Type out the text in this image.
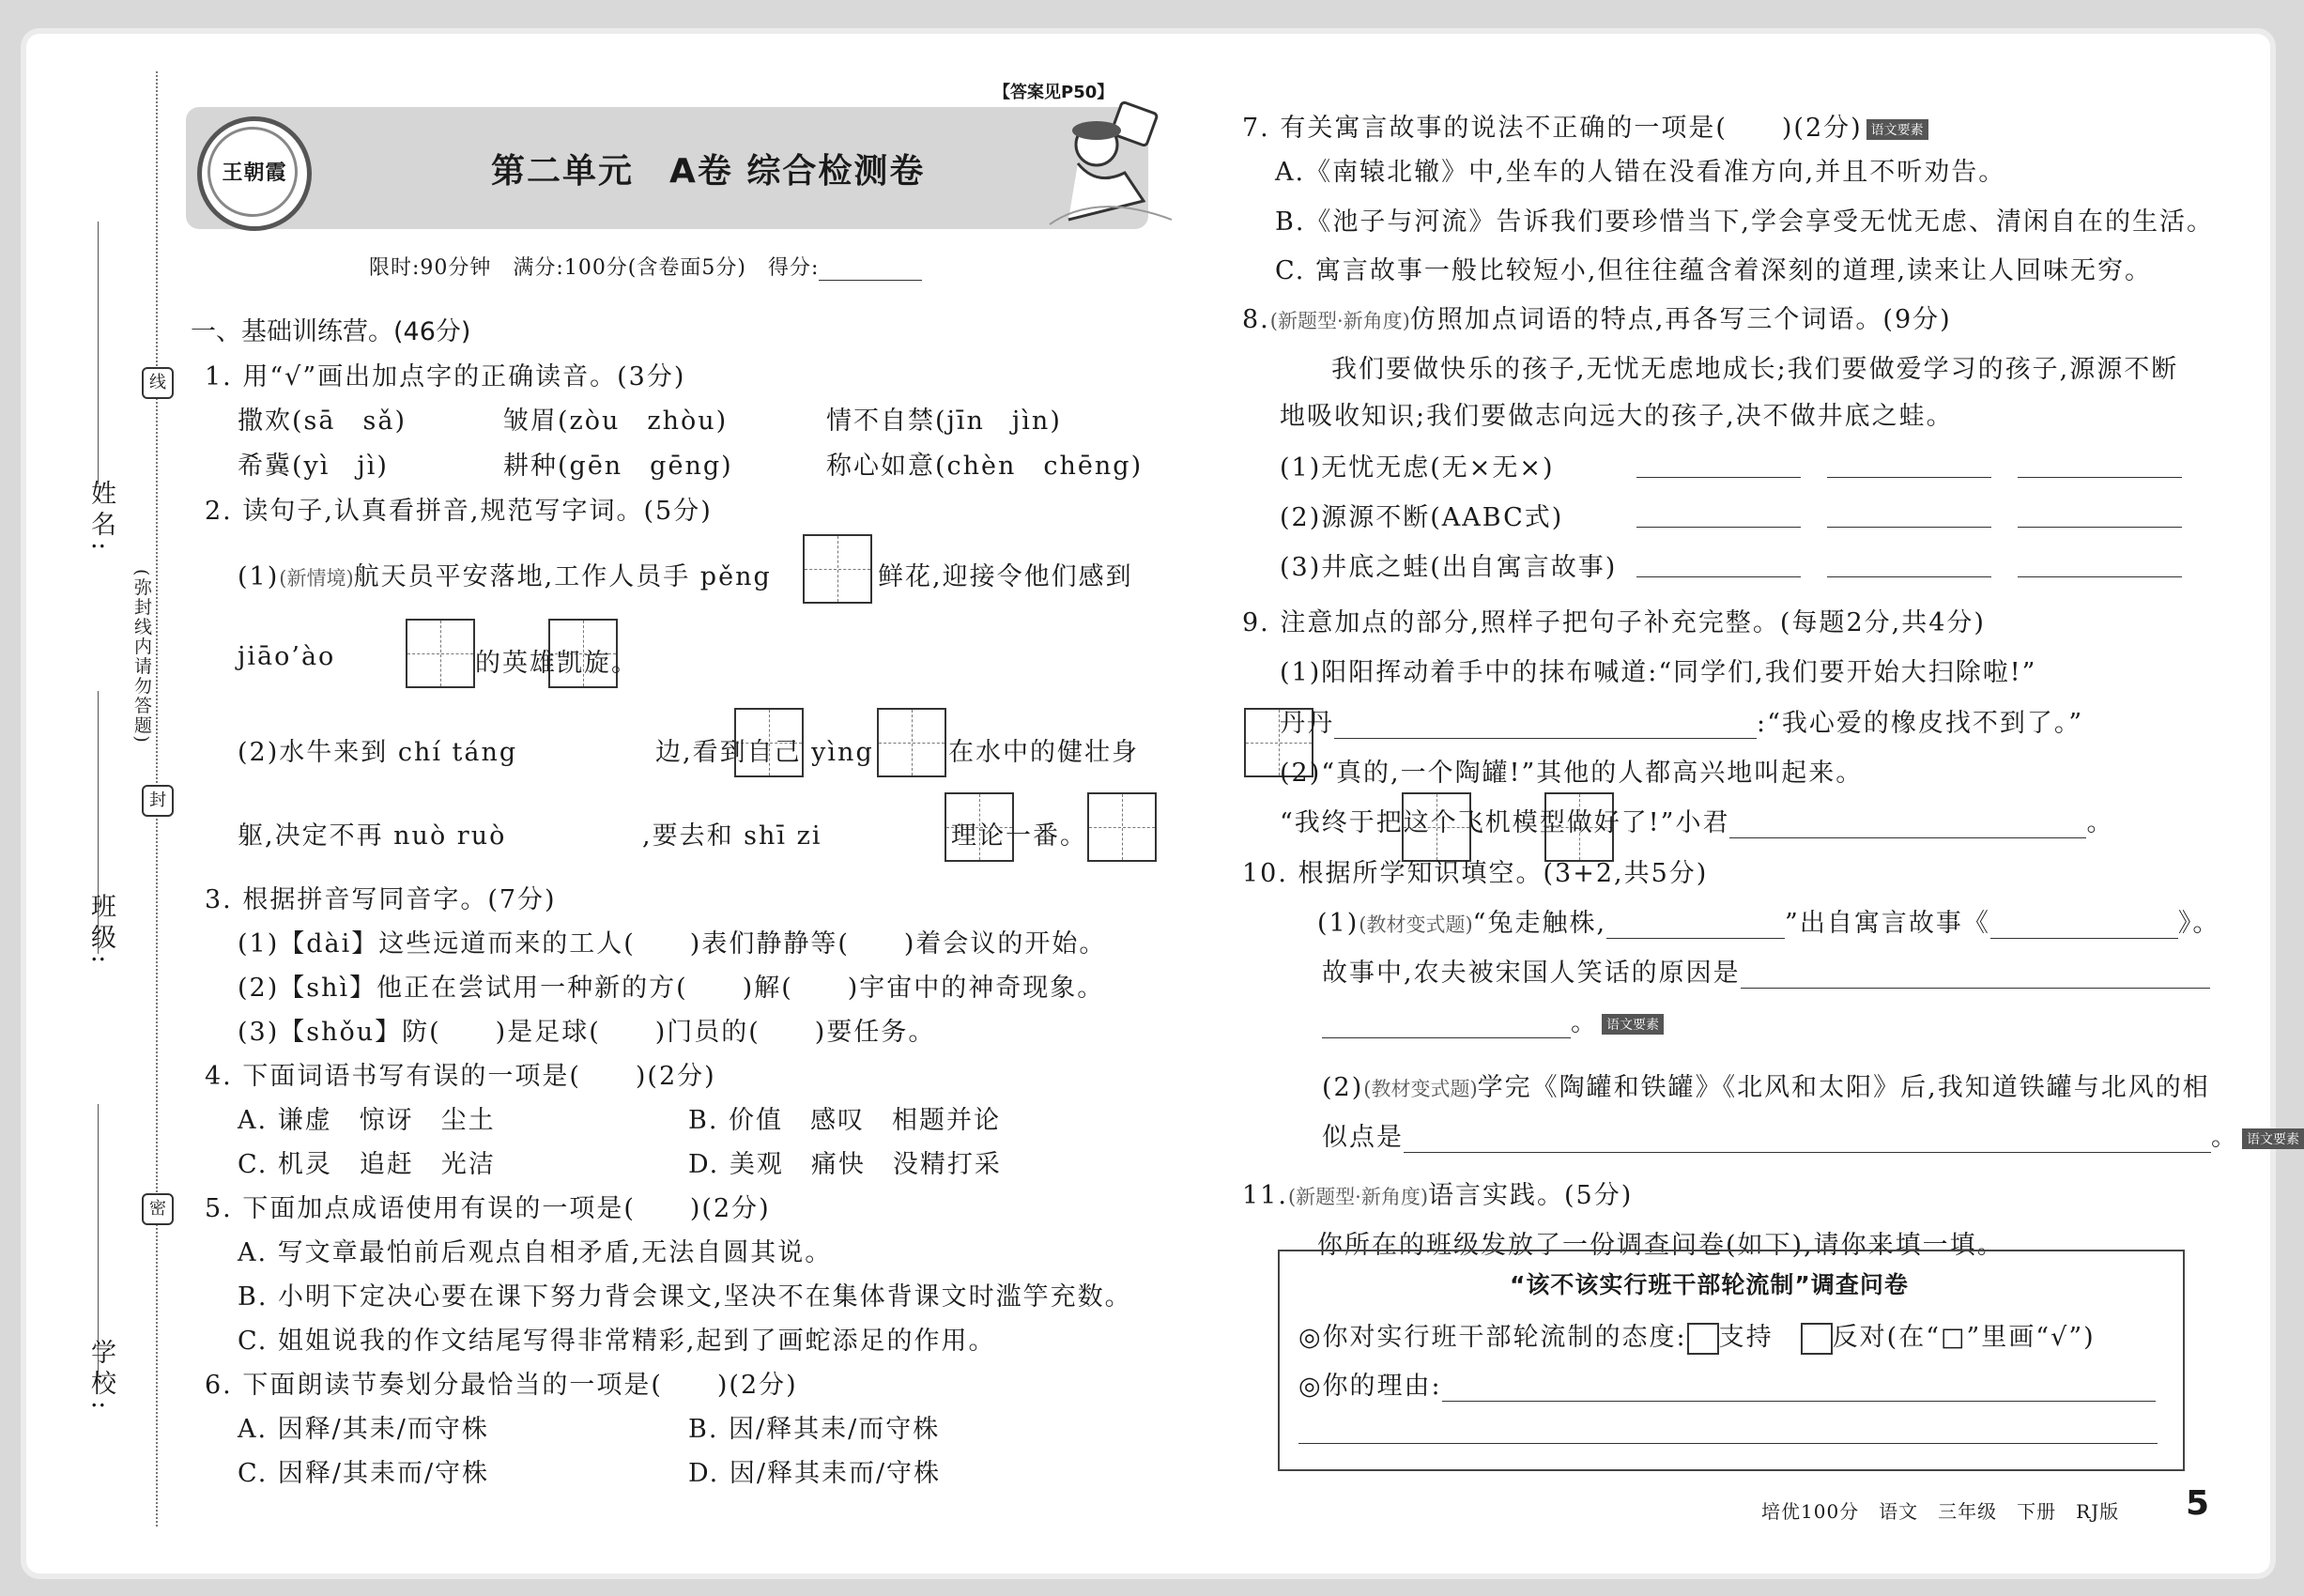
姓名:
班级:
学校:
(弥封线内请勿答题)
线
封
密
王朝霞
【答案见P50】
第二单元　A卷 综合检测卷
限时:90分钟　满分:100分(含卷面5分)　得分:
一、基础训练营。(46分)
1. 用“√”画出加点字的正确读音。(3分)
撒欢(sā　sǎ)	皱眉(zòu　zhòu)	情不自禁(jīn　jìn)
希冀(yì　jì)	耕种(gēn　gēng)	称心如意(chèn　chēng)
2. 读句子,认真看拼音,规范写字词。(5分)
(1)(新情境)航天员平安落地,工作人员手 pěng
	鲜花,迎接令他们感到
jiāo’ào
	的英雄凯旋。
(2)水牛来到 chí táng
	边,看到自己 yìng
	在水中的健壮身
躯,决定不再 nuò ruò
	,要去和 shī zi
	理论一番。
3. 根据拼音写同音字。(7分)
(1)【dài】这些远道而来的工人(　　)表们静静等(　　)着会议的开始。
(2)【shì】他正在尝试用一种新的方(　　)解(　　)宇宙中的神奇现象。
(3)【shǒu】防(　　)是足球(　　)门员的(　　)要任务。
4. 下面词语书写有误的一项是(　　)(2分)
A. 谦虚　惊讶　尘土	B. 价值　感叹　相题并论
C. 机灵　追赶　光洁	D. 美观　痛快　没精打采
5. 下面加点成语使用有误的一项是(　　)(2分)
A. 写文章最怕前后观点自相矛盾,无法自圆其说。
B. 小明下定决心要在课下努力背会课文,坚决不在集体背课文时滥竽充数。
C. 姐姐说我的作文结尾写得非常精彩,起到了画蛇添足的作用。
6. 下面朗读节奏划分最恰当的一项是(　　)(2分)
A. 因释/其耒/而守株	B. 因/释其耒/而守株
C. 因释/其耒而/守株	D. 因/释其耒而/守株
7. 有关寓言故事的说法不正确的一项是(　　)(2分) 语文要素
A.《南辕北辙》中,坐车的人错在没看准方向,并且不听劝告。
B.《池子与河流》告诉我们要珍惜当下,学会享受无忧无虑、清闲自在的生活。
C. 寓言故事一般比较短小,但往往蕴含着深刻的道理,读来让人回味无穷。
8.(新题型·新角度)仿照加点词语的特点,再各写三个词语。(9分)
我们要做快乐的孩子,无忧无虑地成长;我们要做爱学习的孩子,源源不断
地吸收知识;我们要做志向远大的孩子,决不做井底之蛙。
(1)无忧无虑(无×无×)
(2)源源不断(AABC式)
(3)井底之蛙(出自寓言故事)
9. 注意加点的部分,照样子把句子补充完整。(每题2分,共4分)
(1)阳阳挥动着手中的抹布喊道:“同学们,我们要开始大扫除啦!”
丹丹	:“我心爱的橡皮找不到了。”
(2)“真的,一个陶罐!”其他的人都高兴地叫起来。
“我终于把这个飞机模型做好了!”小君	。
10. 根据所学知识填空。(3+2,共5分)
(1)(教材变式题)“兔走触株,	”出自寓言故事《	》。
故事中,农夫被宋国人笑话的原因是
。 语文要素
(2)(教材变式题)学完《陶罐和铁罐》《北风和太阳》后,我知道铁罐与北风的相
似点是	。 语文要素
11.(新题型·新角度)语言实践。(5分)
你所在的班级发放了一份调查问卷(如下),请你来填一填。
“该不该实行班干部轮流制”调查问卷
◎你对实行班干部轮流制的态度: 支持　 反对(在“□”里画“√”)
◎你的理由:
培优100分　语文　三年级　下册　RJ版 5
